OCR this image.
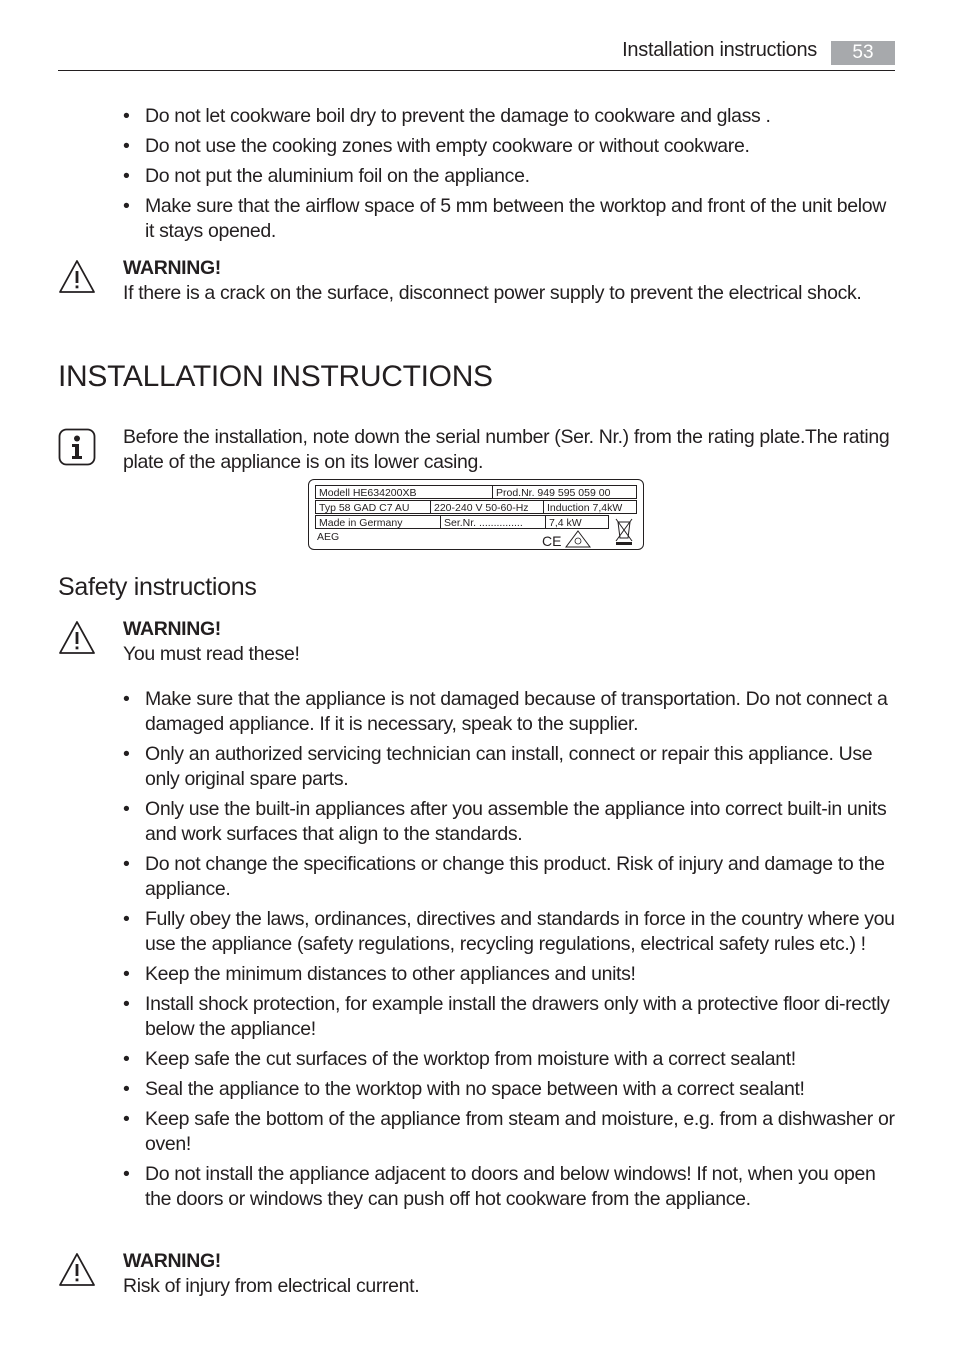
Installation instructions	53
• Do not let cookware boil dry to prevent the damage to cookware and glass .
• Do not use the cooking zones with empty cookware or without cookware.
• Do not put the aluminium foil on the appliance.
• Make sure that the airflow space of 5 mm between the worktop and front of the unit below it stays opened.
WARNING!
If there is a crack on the surface, disconnect power supply to prevent the electrical shock.
INSTALLATION INSTRUCTIONS
Before the installation, note down the serial number (Ser. Nr.) from the rating plate.The rating plate of the appliance is on its lower casing.
Modell HE634200XB	Prod.Nr. 949 595 059 00
Typ 58 GAD C7 AU	220-240 V 50-60-Hz	Induction 7,4kW
Made in Germany	Ser.Nr. ...............	7,4 kW
AEG	CE
Safety instructions
WARNING!
You must read these!
• Make sure that the appliance is not damaged because of transportation. Do not connect a damaged appliance. If it is necessary, speak to the supplier.
• Only an authorized servicing technician can install, connect or repair this appliance. Use only original spare parts.
• Only use the built-in appliances after you assemble the appliance into correct built-in units and work surfaces that align to the standards.
• Do not change the specifications or change this product. Risk of injury and damage to the appliance.
• Fully obey the laws, ordinances, directives and standards in force in the country where you use the appliance (safety regulations, recycling regulations, electrical safety rules etc.) !
• Keep the minimum distances to other appliances and units!
• Install shock protection, for example install the drawers only with a protective floor di-rectly below the appliance!
• Keep safe the cut surfaces of the worktop from moisture with a correct sealant!
• Seal the appliance to the worktop with no space between with a correct sealant!
• Keep safe the bottom of the appliance from steam and moisture, e.g. from a dishwasher or oven!
• Do not install the appliance adjacent to doors and below windows! If not, when you open the doors or windows they can push off hot cookware from the appliance.
WARNING!
Risk of injury from electrical current.
